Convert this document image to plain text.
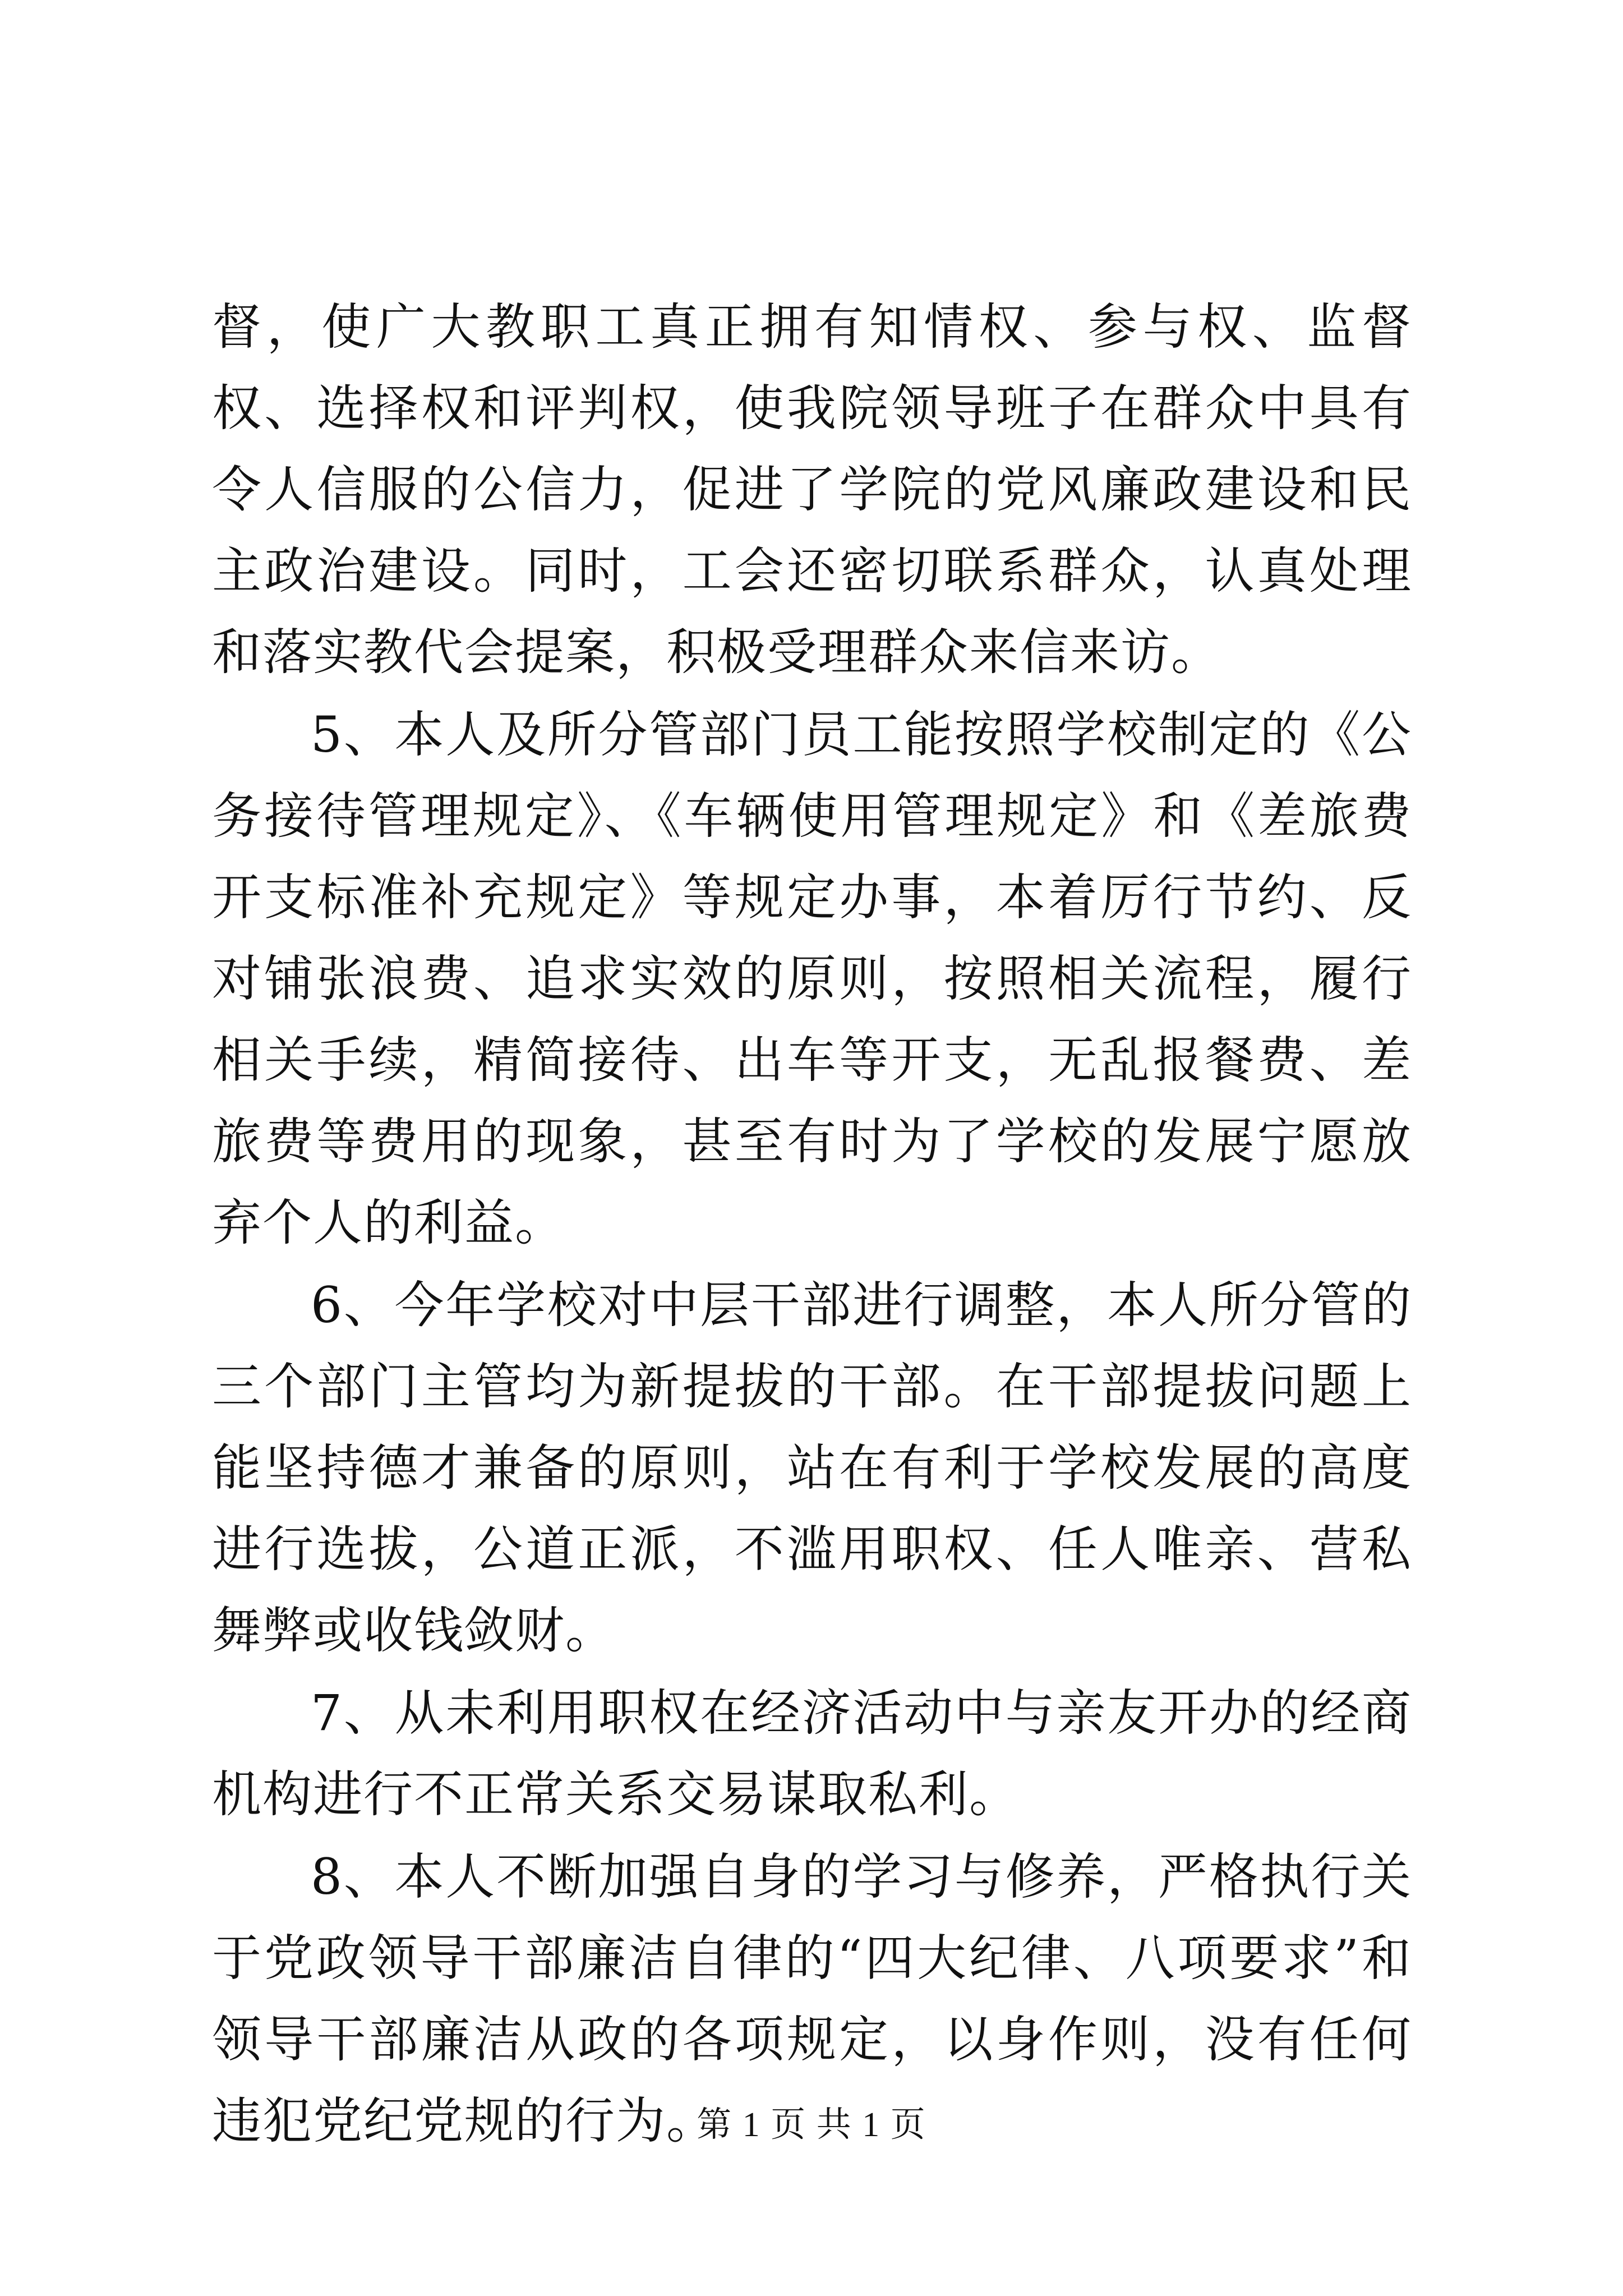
督，使广大教职工真正拥有知情权、参与权、监督权、选择权和评判权，使我院领导班子在群众中具有令人信服的公信力，促进了学院的党风廉政建设和民主政治建设。同时，工会还密切联系群众，认真处理和落实教代会提案，积极受理群众来信来访。

5、本人及所分管部门员工能按照学校制定的《公务接待管理规定》、《车辆使用管理规定》和《差旅费开支标准补充规定》等规定办事，本着厉行节约、反对铺张浪费、追求实效的原则，按照相关流程，履行相关手续，精简接待、出车等开支，无乱报餐费、差旅费等费用的现象，甚至有时为了学校的发展宁愿放弃个人的利益。

6、今年学校对中层干部进行调整，本人所分管的三个部门主管均为新提拔的干部。在干部提拔问题上能坚持德才兼备的原则，站在有利于学校发展的高度进行选拔，公道正派，不滥用职权、任人唯亲、营私舞弊或收钱敛财。

7、从未利用职权在经济活动中与亲友开办的经商机构进行不正常关系交易谋取私利。

8、本人不断加强自身的学习与修养，严格执行关于党政领导干部廉洁自律的“四大纪律、八项要求”和领导干部廉洁从政的各项规定，以身作则，没有任何违犯党纪党规的行为。

第 1 页 共 1 页
